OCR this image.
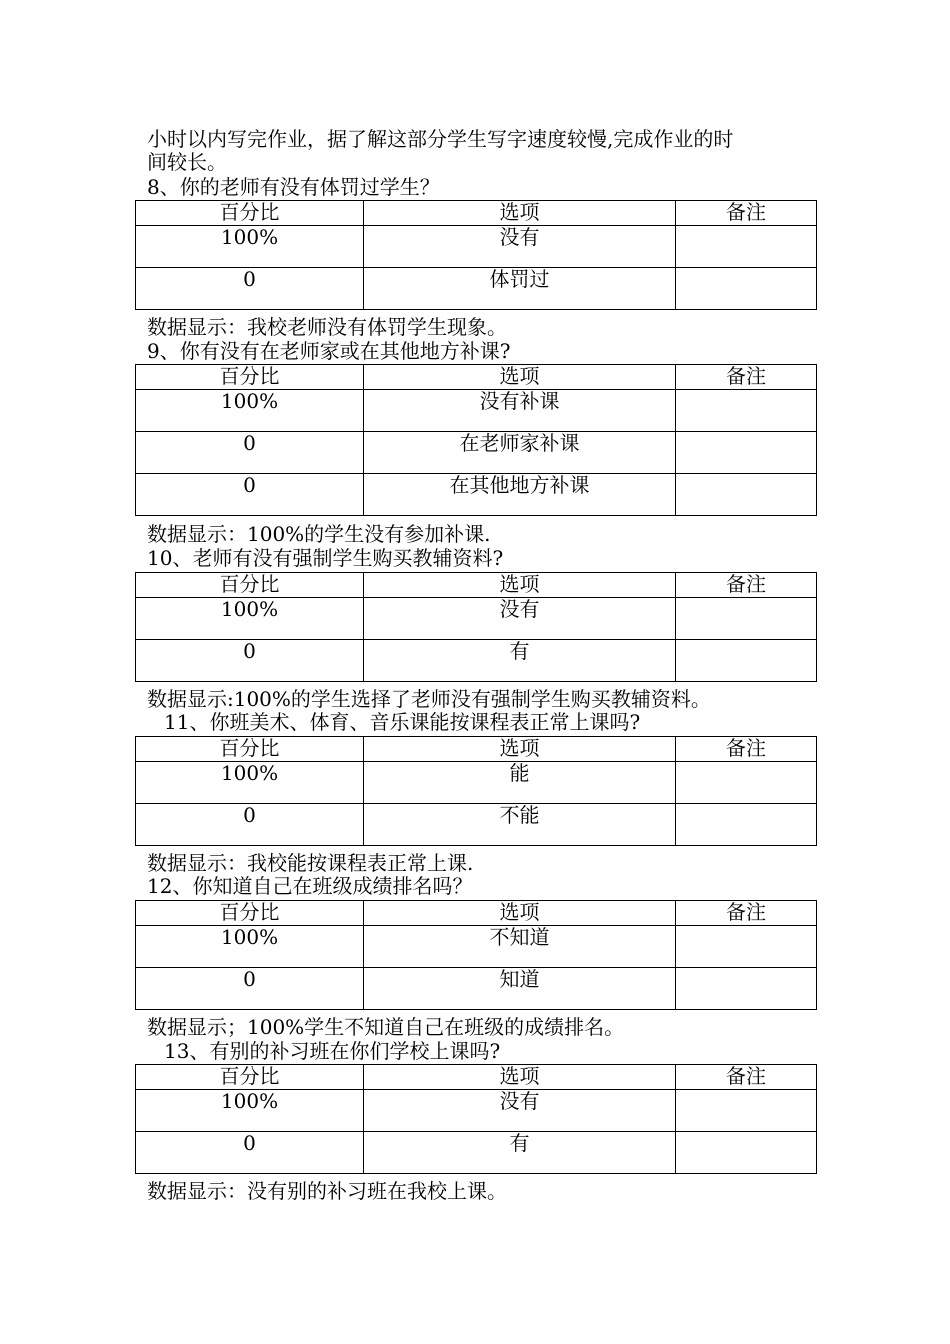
小时以内写完作业，据了解这部分学生写字速度较慢,完成作业的时

间较长。

8、你的老师有没有体罚过学生？

百分比	选项	备注
100%	没有	
0	体罚过	

数据显示：我校老师没有体罚学生现象。

9、你有没有在老师家或在其他地方补课?

百分比	选项	备注
100%	没有补课	
0	在老师家补课	
0	在其他地方补课	

数据显示：100%的学生没有参加补课.

10、老师有没有强制学生购买教辅资料?

百分比	选项	备注
100%	没有	
0	有	

数据显示:100%的学生选择了老师没有强制学生购买教辅资料。

11、你班美术、体育、音乐课能按课程表正常上课吗?

百分比	选项	备注
100%	能	
0	不能	

数据显示：我校能按课程表正常上课.

12、你知道自己在班级成绩排名吗？

百分比	选项	备注
100%	不知道	
0	知道	

数据显示；100%学生不知道自己在班级的成绩排名。

13、有别的补习班在你们学校上课吗?

百分比	选项	备注
100%	没有	
0	有	

数据显示：没有别的补习班在我校上课。
